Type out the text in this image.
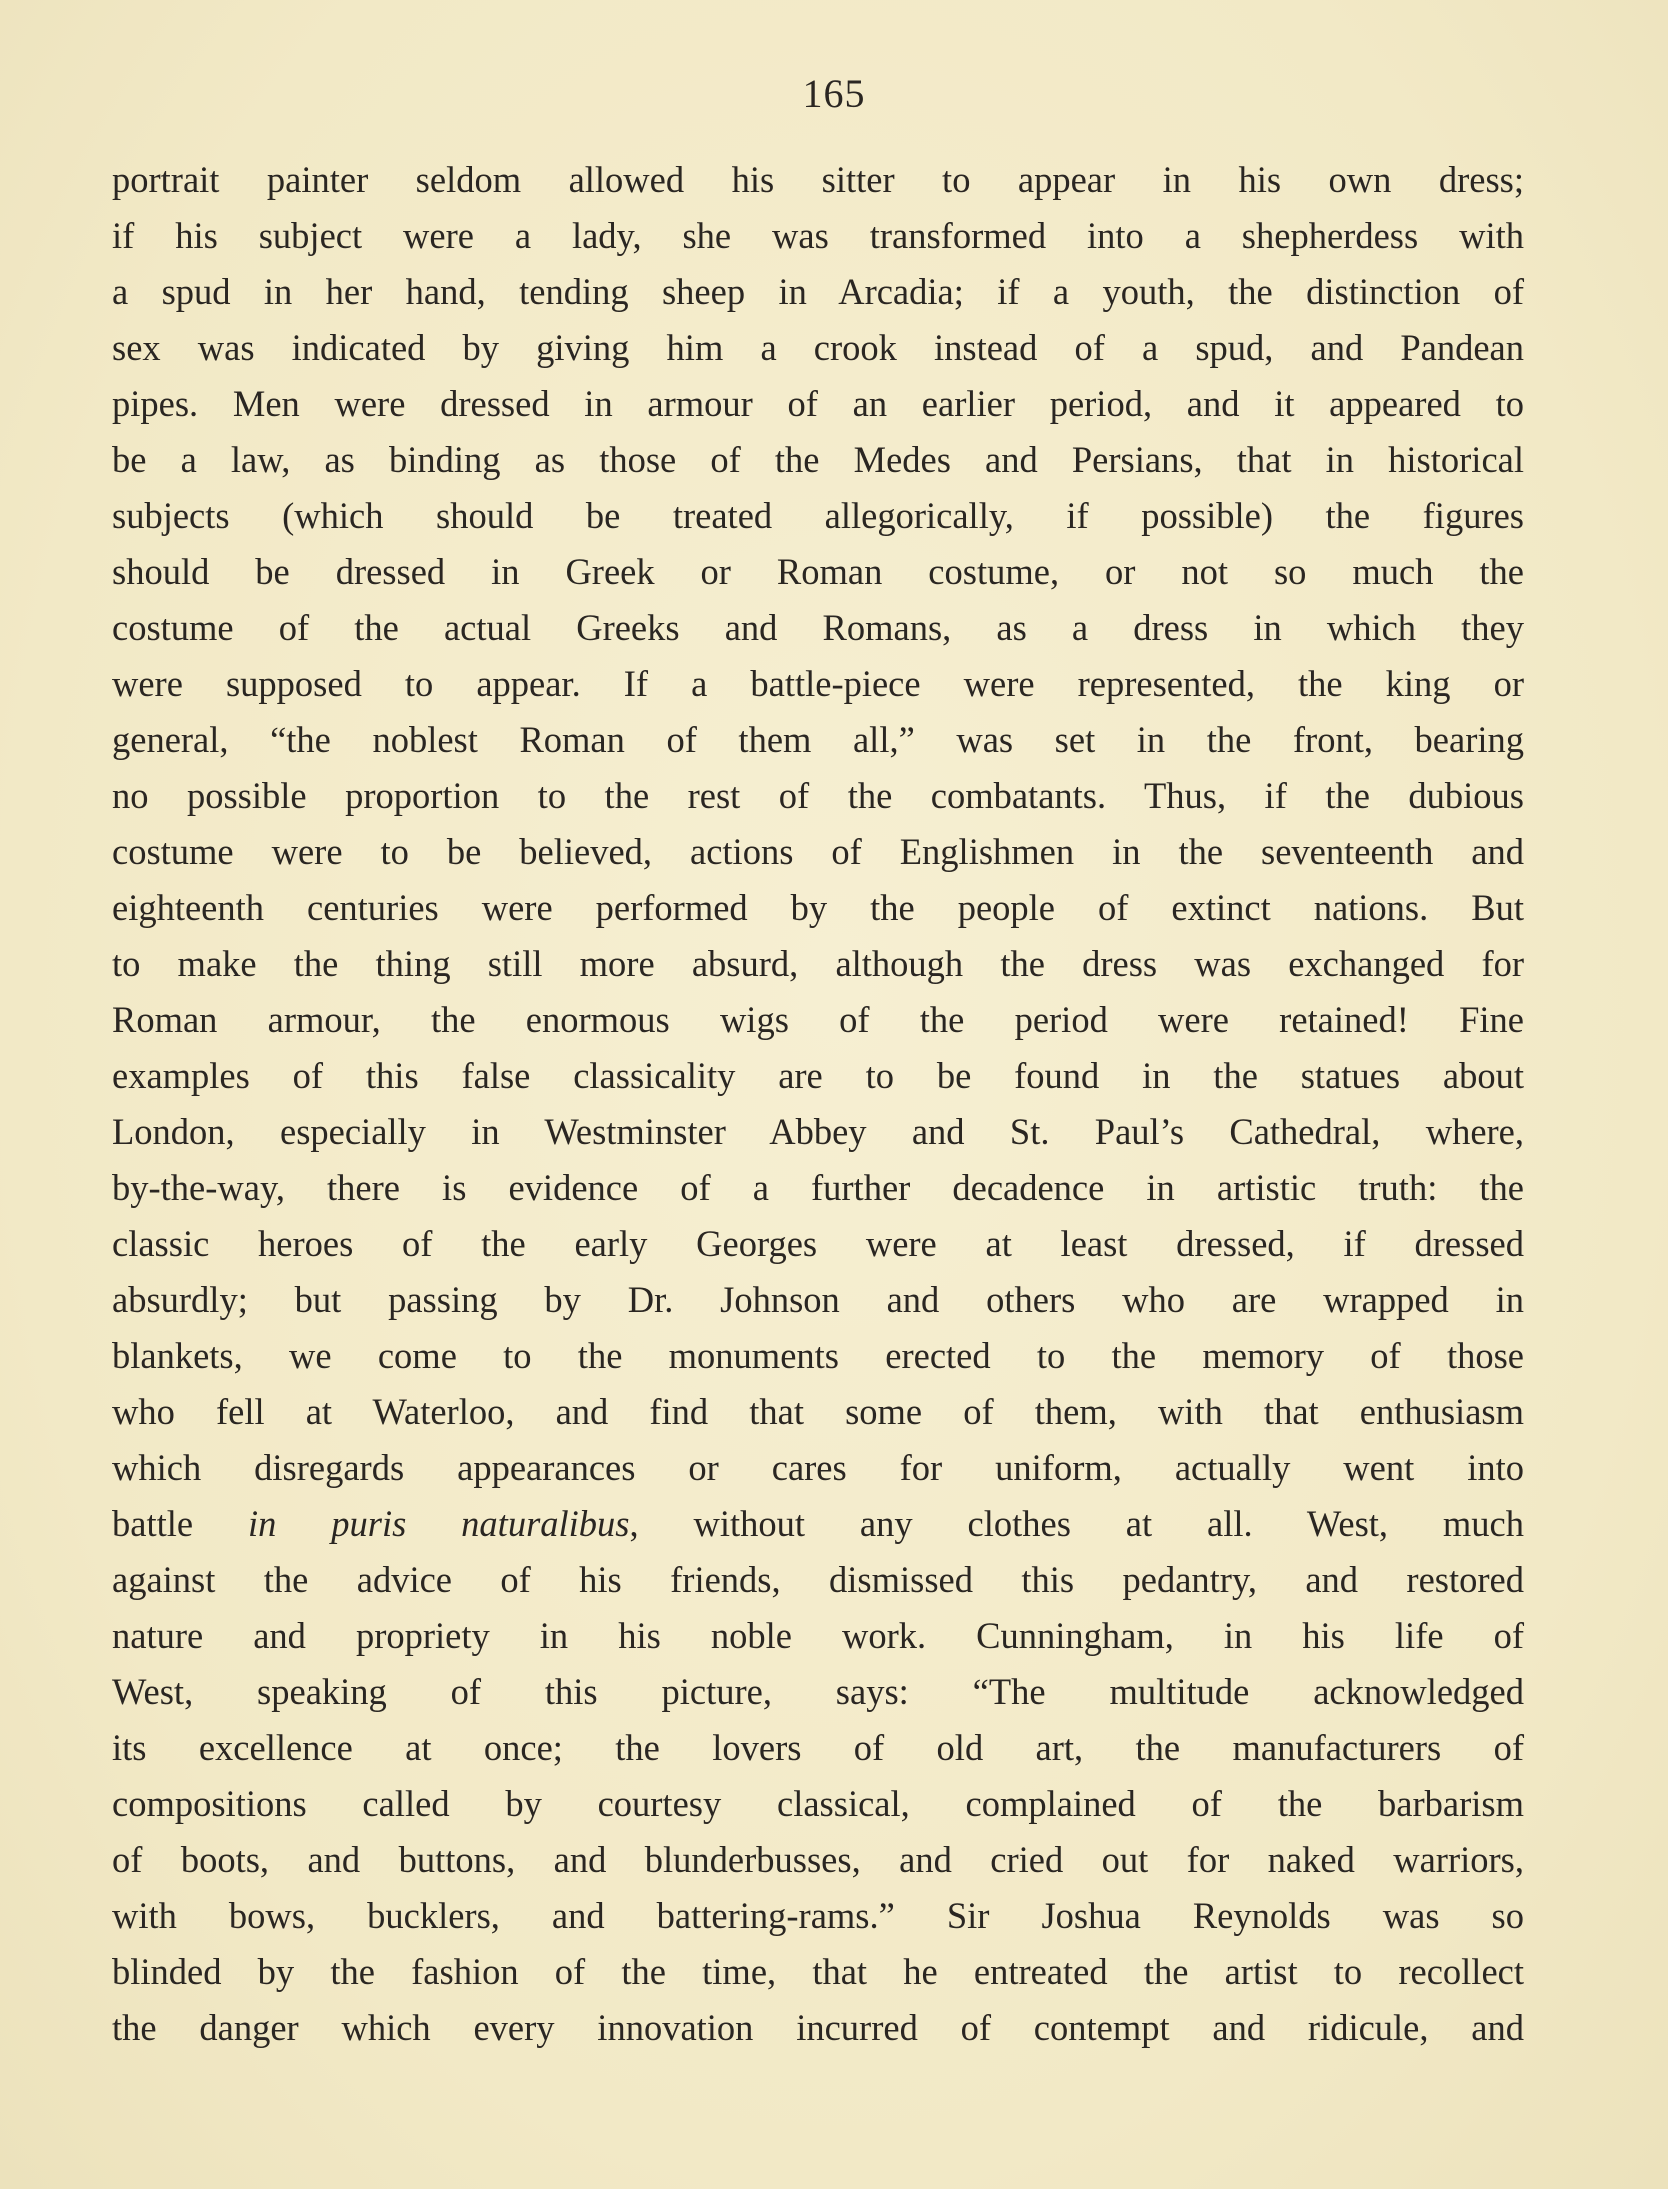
165
portrait painter seldom allowed his sitter to appear in his own dress;
if his subject were a lady, she was transformed into a shepherdess with
a spud in her hand, tending sheep in Arcadia; if a youth, the distinction of
sex was indicated by giving him a crook instead of a spud, and Pandean
pipes. Men were dressed in armour of an earlier period, and it appeared to
be a law, as binding as those of the Medes and Persians, that in historical
subjects (which should be treated allegorically, if possible) the figures
should be dressed in Greek or Roman costume, or not so much the
costume of the actual Greeks and Romans, as a dress in which they
were supposed to appear. If a battle-piece were represented, the king or
general, “the noblest Roman of them all,” was set in the front, bearing
no possible proportion to the rest of the combatants. Thus, if the dubious
costume were to be believed, actions of Englishmen in the seventeenth and
eighteenth centuries were performed by the people of extinct nations. But
to make the thing still more absurd, although the dress was exchanged for
Roman armour, the enormous wigs of the period were retained! Fine
examples of this false classicality are to be found in the statues about
London, especially in Westminster Abbey and St. Paul’s Cathedral, where,
by-the-way, there is evidence of a further decadence in artistic truth: the
classic heroes of the early Georges were at least dressed, if dressed
absurdly; but passing by Dr. Johnson and others who are wrapped in
blankets, we come to the monuments erected to the memory of those
who fell at Waterloo, and find that some of them, with that enthusiasm
which disregards appearances or cares for uniform, actually went into
battle in puris naturalibus, without any clothes at all. West, much
against the advice of his friends, dismissed this pedantry, and restored
nature and propriety in his noble work. Cunningham, in his life of
West, speaking of this picture, says: “The multitude acknowledged
its excellence at once; the lovers of old art, the manufacturers of
compositions called by courtesy classical, complained of the barbarism
of boots, and buttons, and blunderbusses, and cried out for naked warriors,
with bows, bucklers, and battering-rams.” Sir Joshua Reynolds was so
blinded by the fashion of the time, that he entreated the artist to recollect
the danger which every innovation incurred of contempt and ridicule, and
